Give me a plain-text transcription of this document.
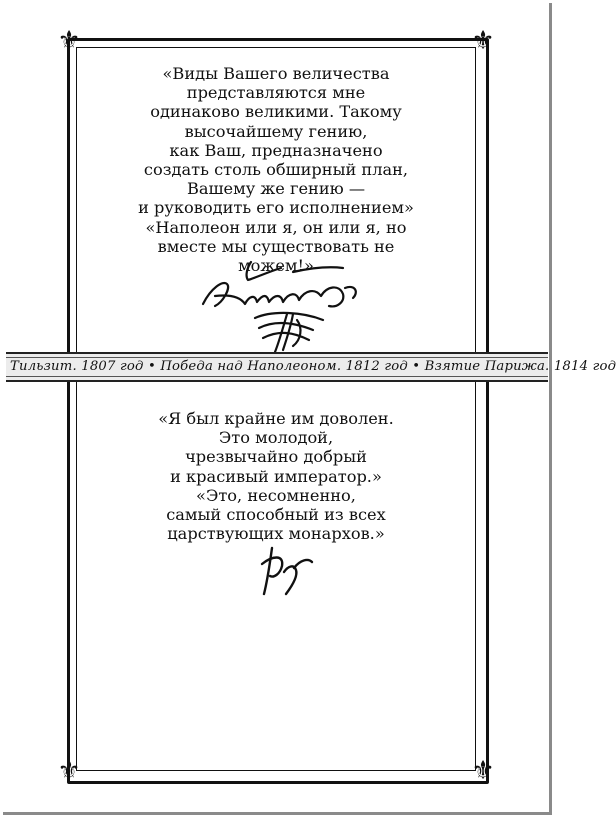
⚜	⚜
⚜	⚜
«Виды Вашего величества
представляются мне
одинаково великими. Такому
высочайшему гению,
как Ваш, предназначено
создать столь обширный план,
Вашему же гению —
и руководить его исполнением»
«Наполеон или я, он или я, но
вместе мы существовать не
можем!»
Тильзит. 1807 год • Победа над Наполеоном. 1812 год • Взятие Парижа. 1814 год
«Я был крайне им доволен.
Это молодой,
чрезвычайно добрый
и красивый император.»
«Это, несомненно,
самый способный из всех
царствующих монархов.»
